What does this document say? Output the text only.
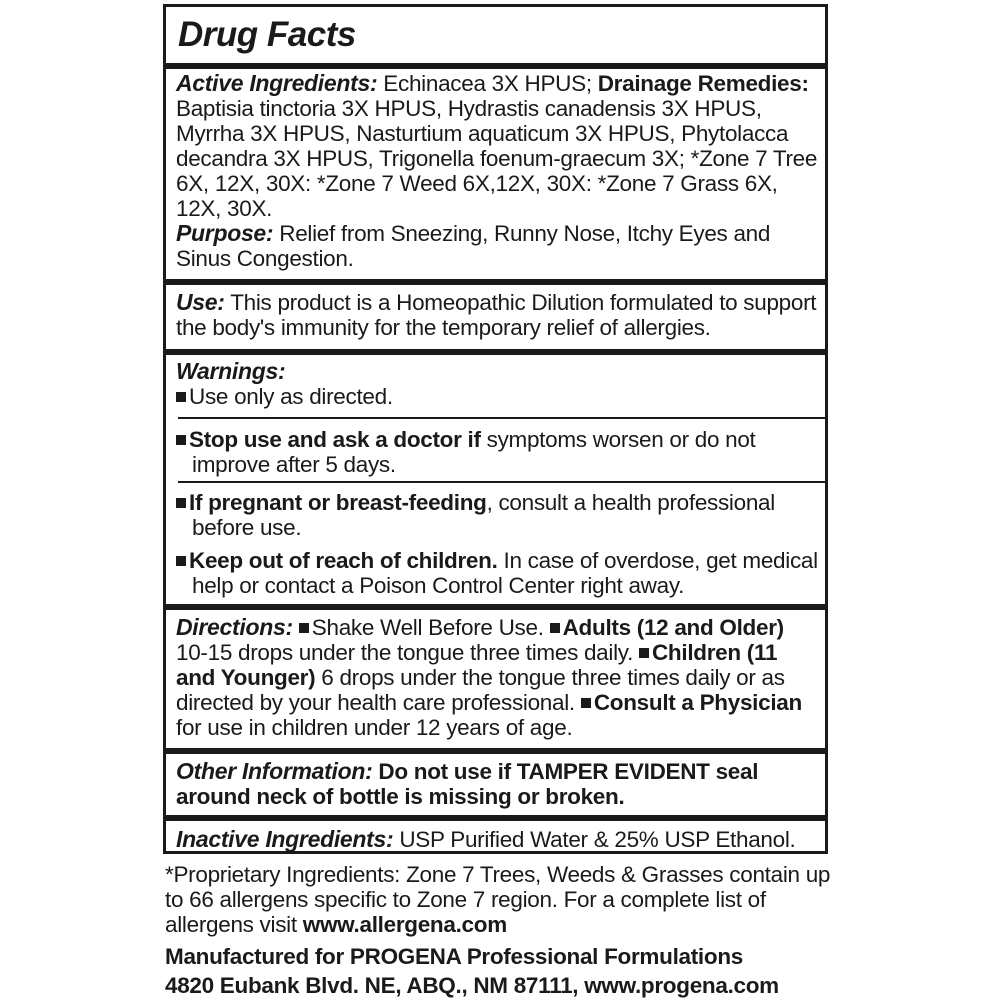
Drug Facts
Active Ingredients: Echinacea 3X HPUS; Drainage Remedies: Baptisia tinctoria 3X HPUS, Hydrastis canadensis 3X HPUS, Myrrha 3X HPUS, Nasturtium aquaticum 3X HPUS, Phytolacca decandra 3X HPUS, Trigonella foenum-graecum 3X; *Zone 7 Tree 6X, 12X, 30X: *Zone 7 Weed 6X,12X, 30X: *Zone 7 Grass 6X, 12X, 30X.
Purpose: Relief from Sneezing, Runny Nose, Itchy Eyes and Sinus Congestion.
Use: This product is a Homeopathic Dilution formulated to support the body's immunity for the temporary relief of allergies.
Warnings:
Use only as directed.
Stop use and ask a doctor if symptoms worsen or do not improve after 5 days.
If pregnant or breast-feeding, consult a health professional before use.
Keep out of reach of children. In case of overdose, get medical help or contact a Poison Control Center right away.
Directions: Shake Well Before Use. Adults (12 and Older) 10-15 drops under the tongue three times daily. Children (11 and Younger) 6 drops under the tongue three times daily or as directed by your health care professional. Consult a Physician for use in children under 12 years of age.
Other Information: Do not use if TAMPER EVIDENT seal around neck of bottle is missing or broken.
Inactive Ingredients: USP Purified Water & 25% USP Ethanol.
*Proprietary Ingredients: Zone 7 Trees, Weeds & Grasses contain up to 66 allergens specific to Zone 7 region. For a complete list of allergens visit www.allergena.com
Manufactured for PROGENA Professional Formulations
4820 Eubank Blvd. NE, ABQ., NM 87111, www.progena.com
